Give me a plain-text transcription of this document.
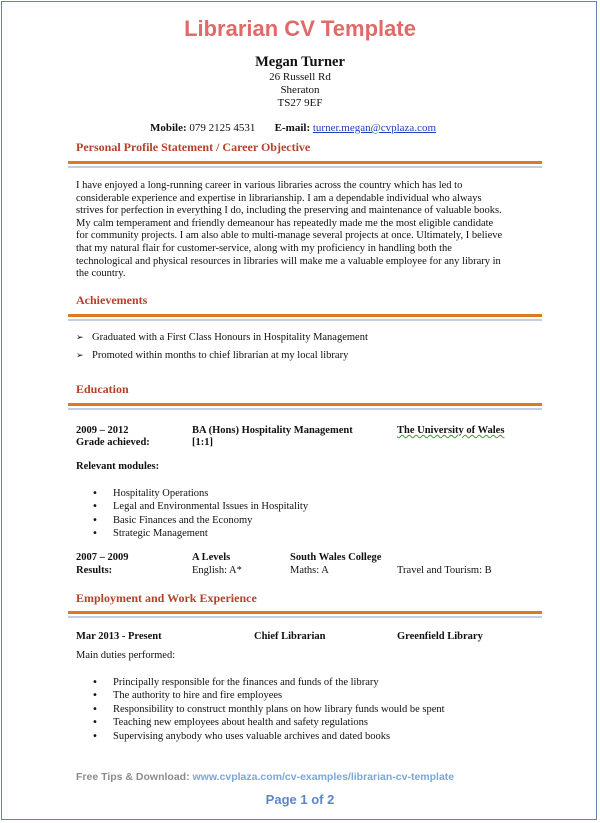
Librarian CV Template
Megan Turner
26 Russell Rd
Sheraton
TS27 9EF
Mobile: 079 2125 4531 E-mail: turner.megan@cvplaza.com
Personal Profile Statement / Career Objective
I have enjoyed a long-running career in various libraries across the country which has led to
considerable experience and expertise in librarianship. I am a dependable individual who always
strives for perfection in everything I do, including the preserving and maintenance of valuable books.
My calm temperament and friendly demeanour has repeatedly made me the most eligible candidate
for community projects. I am also able to multi-manage several projects at once. Ultimately, I believe
that my natural flair for customer-service, along with my proficiency in handling both the
technological and physical resources in libraries will make me a valuable employee for any library in
the country.
Achievements
➢ Graduated with a First Class Honours in Hospitality Management
➢ Promoted within months to chief librarian at my local library
Education
2009 – 2012	BA (Hons) Hospitality Management	The University of Wales
Grade achieved:	[1:1]
Relevant modules:
• Hospitality Operations
• Legal and Environmental Issues in Hospitality
• Basic Finances and the Economy
• Strategic Management
2007 – 2009	A Levels	South Wales College
Results:	English: A*	Maths: A	Travel and Tourism: B
Employment and Work Experience
Mar 2013 - Present	Chief Librarian	Greenfield Library
Main duties performed:
• Principally responsible for the finances and funds of the library
• The authority to hire and fire employees
• Responsibility to construct monthly plans on how library funds would be spent
• Teaching new employees about health and safety regulations
• Supervising anybody who uses valuable archives and dated books
Free Tips & Download: www.cvplaza.com/cv-examples/librarian-cv-template
Page 1 of 2
